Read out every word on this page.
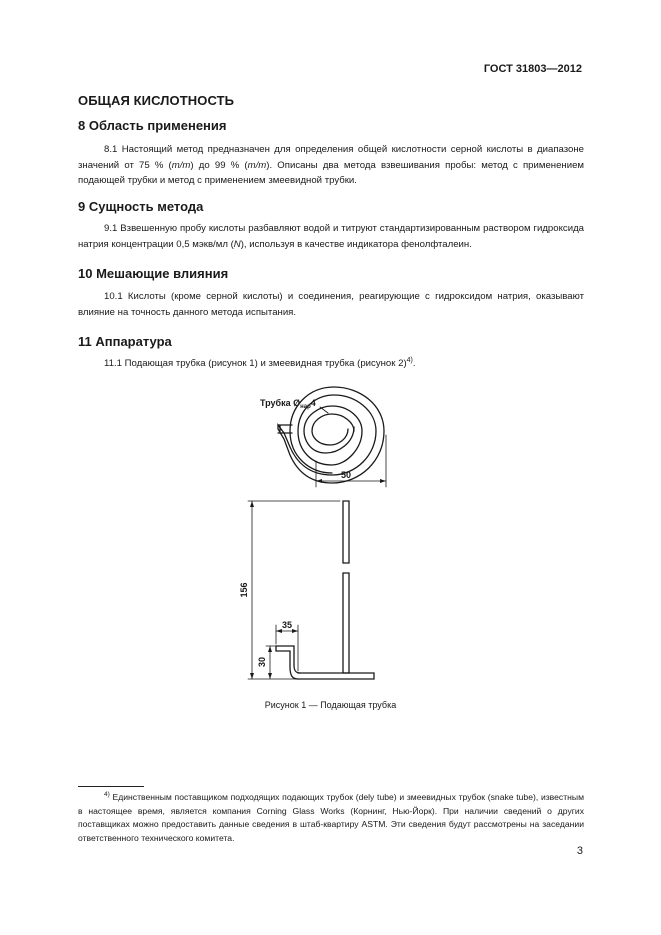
ГОСТ 31803—2012
ОБЩАЯ КИСЛОТНОСТЬ
8 Область применения
8.1 Настоящий метод предназначен для определения общей кислотности серной кислоты в диапазоне значений от 75 % (m/m) до 99 % (m/m). Описаны два метода взвешивания пробы: метод с применением подающей трубки и метод с применением змеевидной трубки.
9 Сущность метода
9.1 Взвешенную пробу кислоты разбавляют водой и титруют стандартизированным раствором гидроксида натрия концентрации 0,5 мэкв/мл (N), используя в качестве индикатора фенолфталеин.
10 Мешающие влияния
10.1 Кислоты (кроме серной кислоты) и соединения, реагирующие с гидроксидом натрия, оказывают влияние на точность данного метода испытания.
11 Аппаратура
11.1 Подающая трубка (рисунок 1) и змеевидная трубка (рисунок 2)$^{4)}$.
Трубка $Ø_{нар}4$
50
156
35
30
Рисунок 1 — Подающая трубка
$^{4)}$ Единственным поставщиком подходящих подающих трубок (dely tube) и змеевидных трубок (snake tube), известным в настоящее время, является компания Corning Glass Works (Корнинг, Нью-Йорк). При наличии сведений о других поставщиках можно предоставить данные сведения в штаб-квартиру ASTM. Эти сведения будут рассмотрены на заседании ответственного технического комитета.
3
